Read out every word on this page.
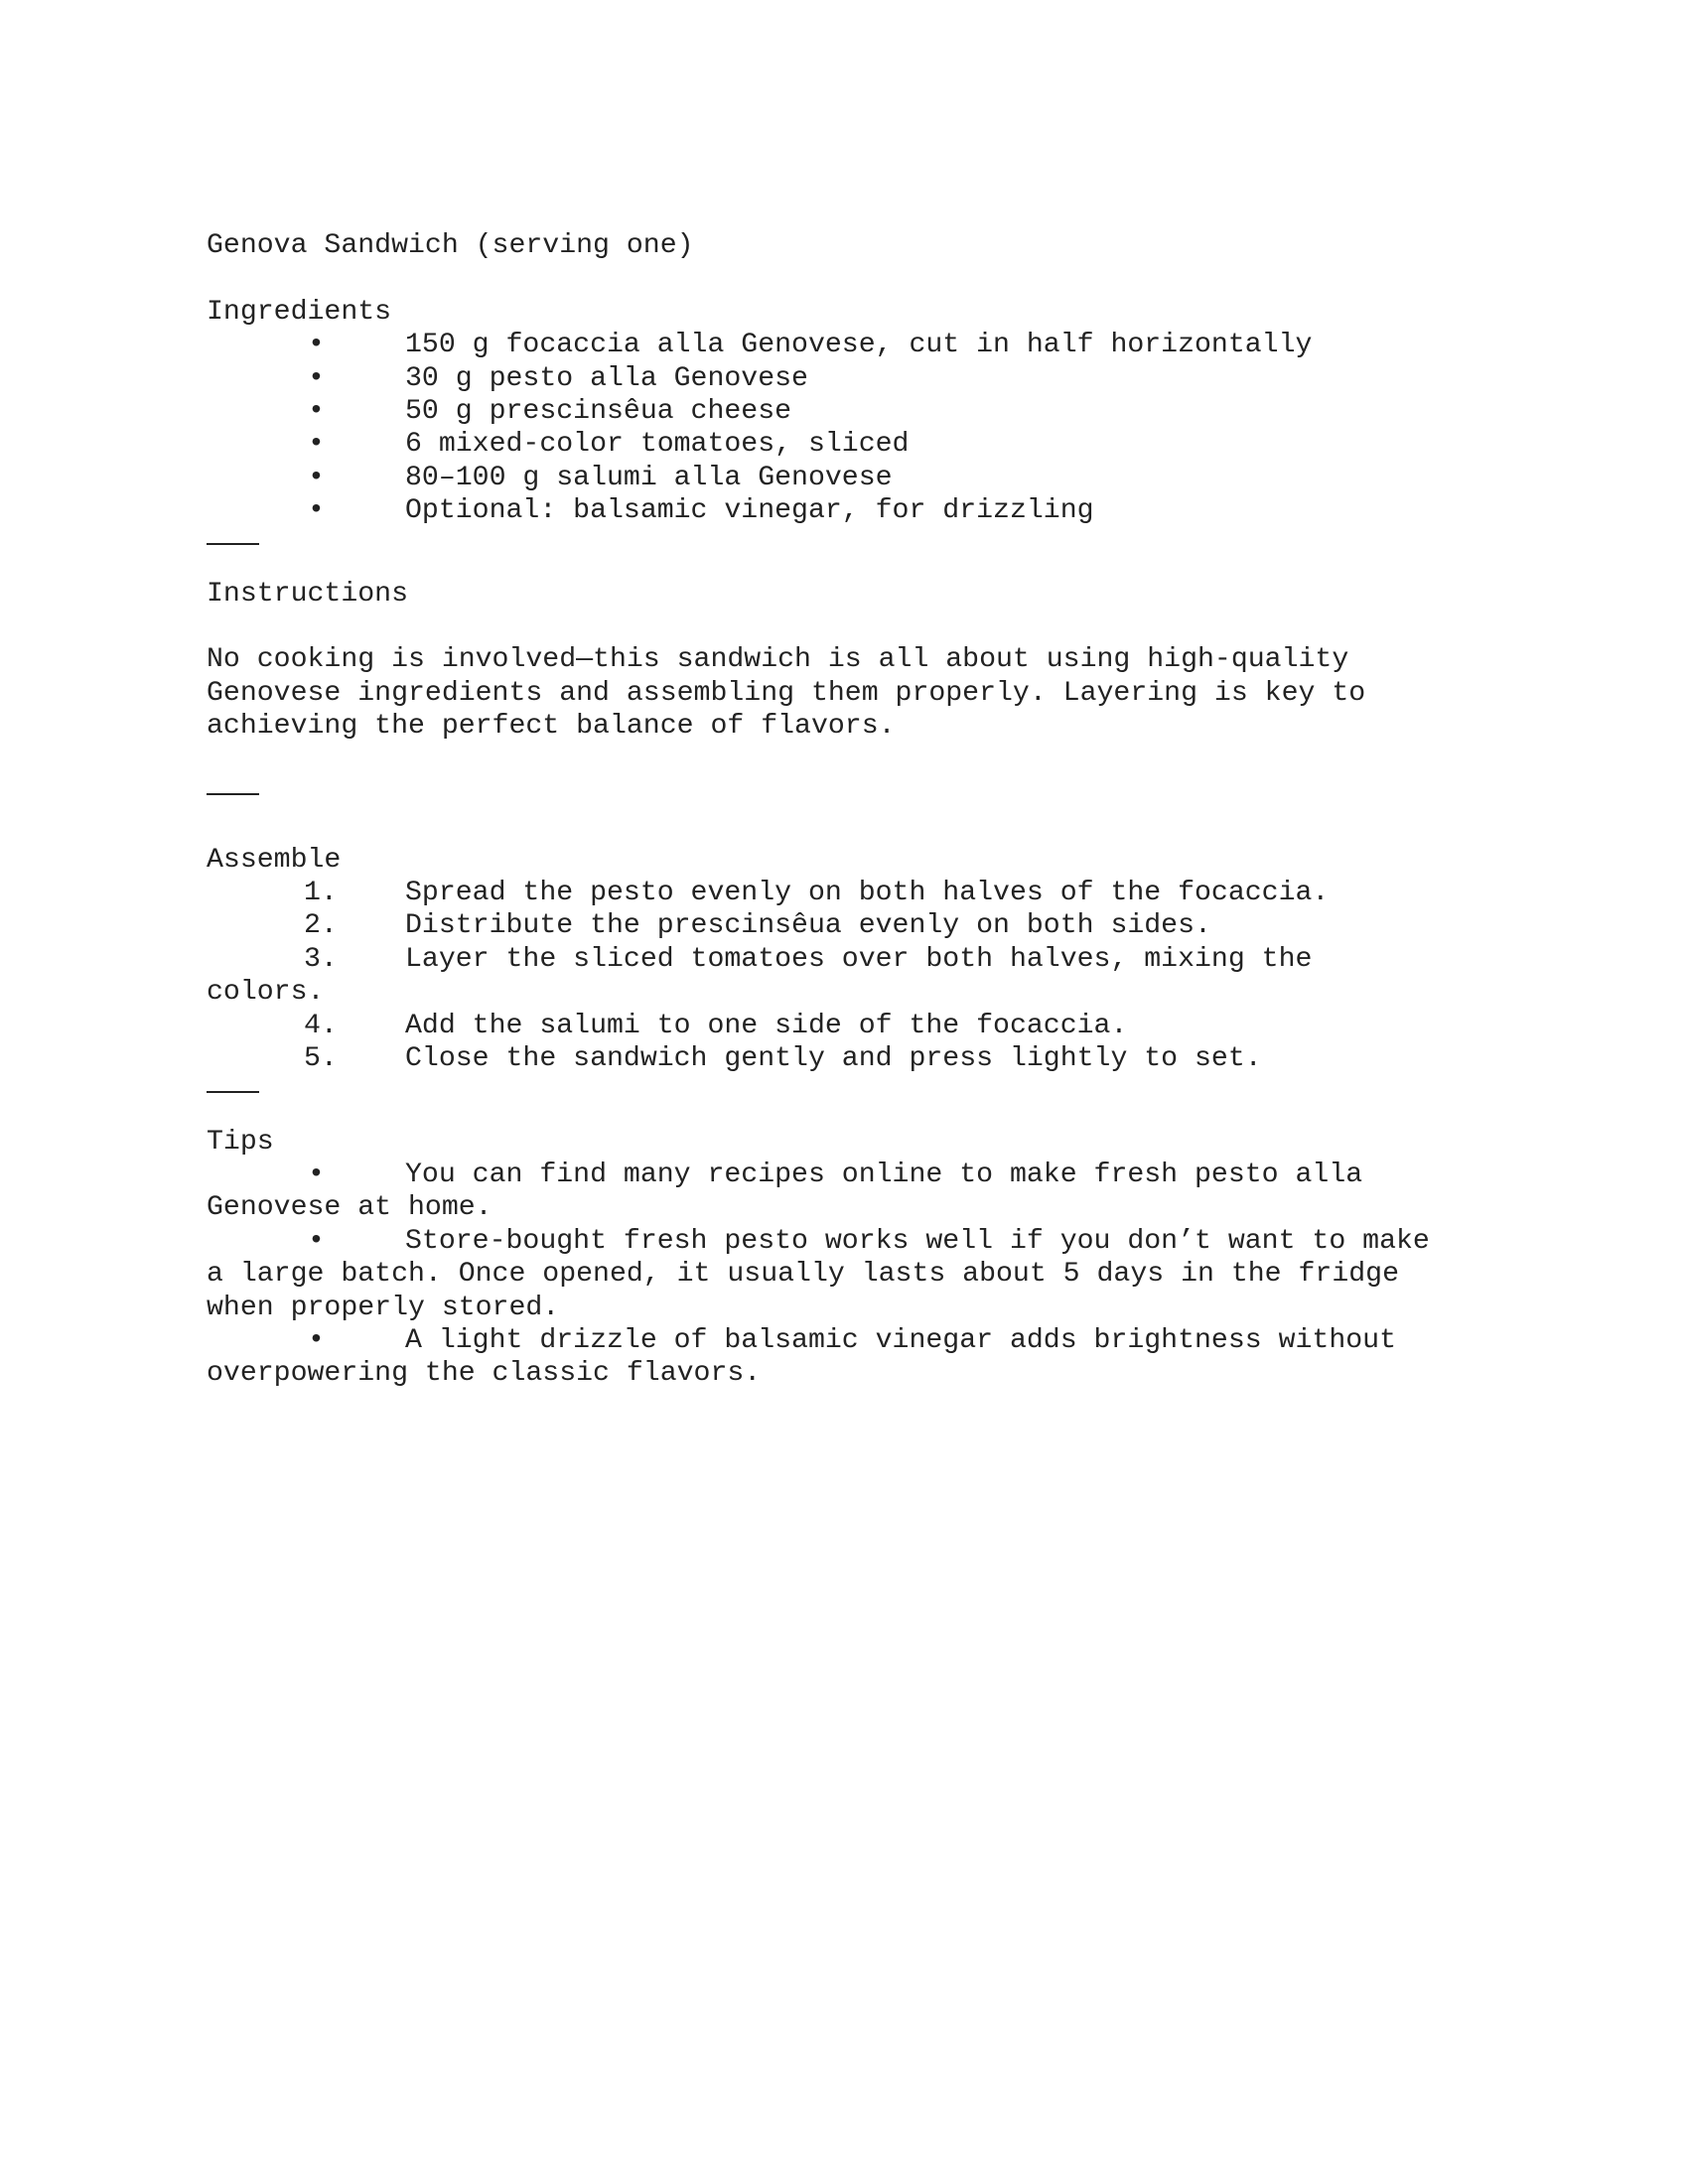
Genova Sandwich (serving one)

Ingredients

•	150 g focaccia alla Genovese, cut in half horizontally
•	30 g pesto alla Genovese
•	50 g prescinsêua cheese
•	6 mixed-color tomatoes, sliced
•	80–100 g salumi alla Genovese
•	Optional: balsamic vinegar, for drizzling

Instructions

No cooking is involved—this sandwich is all about using high-quality

Genovese ingredients and assembling them properly. Layering is key to

achieving the perfect balance of flavors.

Assemble

1. Spread the pesto evenly on both halves of the focaccia.
2. Distribute the prescinsêua evenly on both sides.
3. Layer the sliced tomatoes over both halves, mixing the

colors.

4. Add the salumi to one side of the focaccia.
5. Close the sandwich gently and press lightly to set.

Tips

•	You can find many recipes online to make fresh pesto alla

Genovese at home.

•	Store-bought fresh pesto works well if you don’t want to make

a large batch. Once opened, it usually lasts about 5 days in the fridge

when properly stored.

•	A light drizzle of balsamic vinegar adds brightness without

overpowering the classic flavors.
